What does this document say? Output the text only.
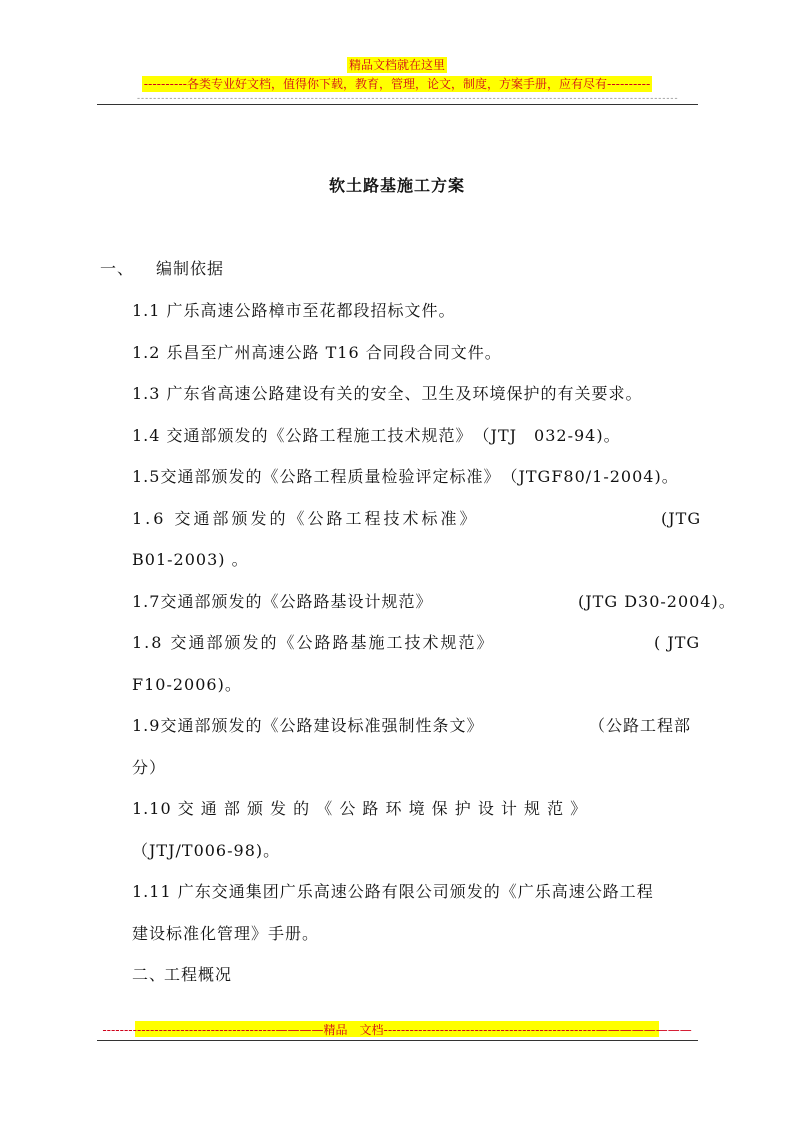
精品文档就在这里
----------各类专业好文档，值得你下载，教育，管理，论文，制度，方案手册，应有尽有----------
--------------------------------------------------------------------------------------------------------------------------------------
软土路基施工方案
一、 编制依据
1.1 广乐高速公路樟市至花都段招标文件。
1.2 乐昌至广州高速公路 T16 合同段合同文件。
1.3 广东省高速公路建设有关的安全、卫生及环境保护的有关要求。
1.4 交通部颁发的《公路工程施工技术规范》　（JTJ　032-94)。
1.5交通部颁发的《公路工程质量检验评定标准》　（JTGF80/1-2004)。
1.6 交通部颁发的《公路工程技术标准》	(JTG
B01-2003) 。
1.7交通部颁发的《公路路基设计规范》	(JTG D30-2004)。
1.8 交通部颁发的《公路路基施工技术规范》	( JTG
F10-2006)。
1.9交通部颁发的《公路建设标准强制性条文》	（公路工程部
分）
1.10 交 通 部 颁 发 的 《 公 路 环 境 保 护 设 计 规 范 》
（JTJ/T006-98)。
1.11 广东交通集团广乐高速公路有限公司颁发的《广乐高速公路工程
建设标准化管理》手册。
二、
工程概况
----------------------------------------————精品　文档-------------------------------------------------————————
